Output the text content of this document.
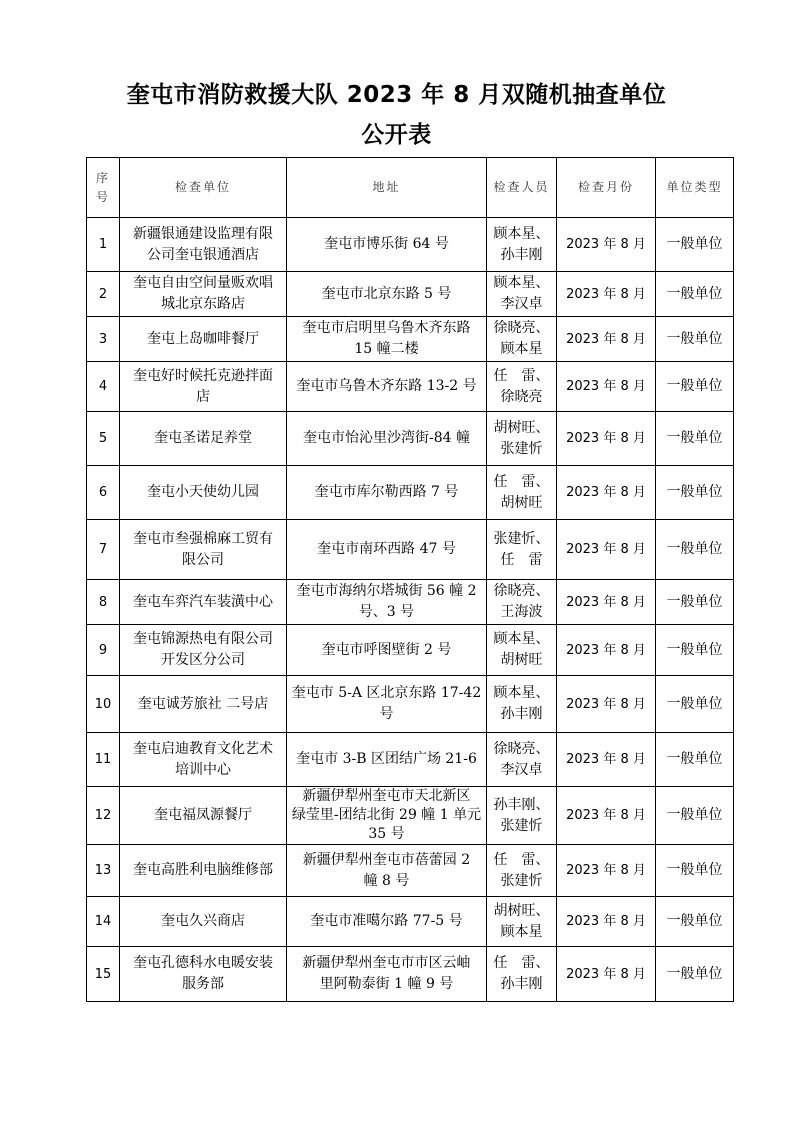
奎屯市消防救援大队 2023 年 8 月双随机抽查单位
公开表
序号	检查单位	地址	检查人员	检查月份	单位类型
1	新疆银通建设监理有限
公司奎屯银通酒店	奎屯市博乐街 64 号	顾本星、
孙丰刚	2023 年 8 月	一般单位
2	奎屯自由空间量贩欢唱
城北京东路店	奎屯市北京东路 5 号	顾本星、
李汉卓	2023 年 8 月	一般单位
3	奎屯上岛咖啡餐厅	奎屯市启明里乌鲁木齐东路
15 幢二楼	徐晓亮、
顾本星	2023 年 8 月	一般单位
4	奎屯好时候托克逊拌面
店	奎屯市乌鲁木齐东路 13-2 号	任　雷、
徐晓亮	2023 年 8 月	一般单位
5	奎屯圣诺足养堂	奎屯市怡沁里沙湾街-84 幢	胡树旺、
张建忻	2023 年 8 月	一般单位
6	奎屯小天使幼儿园	奎屯市库尔勒西路 7 号	任　雷、
胡树旺	2023 年 8 月	一般单位
7	奎屯市叁强棉麻工贸有
限公司	奎屯市南环西路 47 号	张建忻、
任　雷	2023 年 8 月	一般单位
8	奎屯车弈汽车装潢中心	奎屯市海纳尔塔城街 56 幢 2
号、3 号	徐晓亮、
王海波	2023 年 8 月	一般单位
9	奎屯锦源热电有限公司
开发区分公司	奎屯市呼图壁街 2 号	顾本星、
胡树旺	2023 年 8 月	一般单位
10	奎屯诚芳旅社 二号店	奎屯市 5-A 区北京东路 17-42
号	顾本星、
孙丰刚	2023 年 8 月	一般单位
11	奎屯启迪教育文化艺术
培训中心	奎屯市 3-B 区团结广场 21-6	徐晓亮、
李汉卓	2023 年 8 月	一般单位
12	奎屯福凤源餐厅	新疆伊犁州奎屯市天北新区
绿莹里-团结北街 29 幢 1 单元
35 号	孙丰刚、
张建忻	2023 年 8 月	一般单位
13	奎屯高胜利电脑维修部	新疆伊犁州奎屯市蓓蕾园 2
幢 8 号	任　雷、
张建忻	2023 年 8 月	一般单位
14	奎屯久兴商店	奎屯市准噶尔路 77-5 号	胡树旺、
顾本星	2023 年 8 月	一般单位
15	奎屯孔德科水电暖安装
服务部	新疆伊犁州奎屯市市区云岫
里阿勒泰街 1 幢 9 号	任　雷、
孙丰刚	2023 年 8 月	一般单位
